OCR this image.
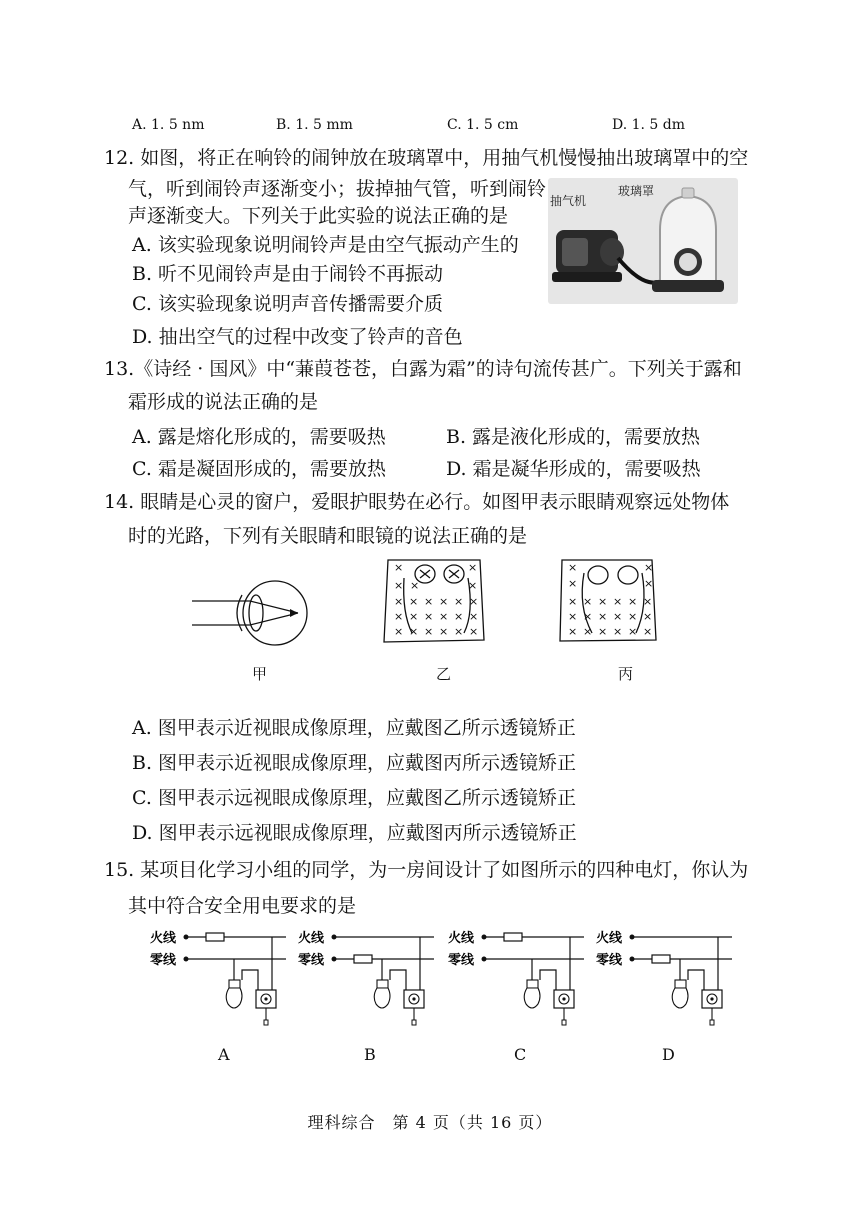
A. 1. 5 nm	B. 1. 5 mm	C. 1. 5 cm	D. 1. 5 dm
12. 如图，将正在响铃的闹钟放在玻璃罩中，用抽气机慢慢抽出玻璃罩中的空
气，听到闹铃声逐渐变小；拔掉抽气管，听到闹铃
声逐渐变大。下列关于此实验的说法正确的是
A. 该实验现象说明闹铃声是由空气振动产生的
B. 听不见闹铃声是由于闹铃不再振动
C. 该实验现象说明声音传播需要介质
D. 抽出空气的过程中改变了铃声的音色
抽气机
玻璃罩
13.《诗经 · 国风》中“蒹葭苍苍，白露为霜”的诗句流传甚广。下列关于露和
霜形成的说法正确的是
A. 露是熔化形成的，需要吸热	B. 露是液化形成的，需要放热
C. 霜是凝固形成的，需要放热	D. 霜是凝华形成的，需要吸热
14. 眼睛是心灵的窗户，爱眼护眼势在必行。如图甲表示眼睛观察远处物体
时的光路，下列有关眼睛和眼镜的说法正确的是
×	×
× ×	×
× × × × × ×
× × × × × ×
× × × × × ×
×	×
×	×
× × × × × ×
× × × × × ×
× × × × × ×
甲	乙	丙
A. 图甲表示近视眼成像原理，应戴图乙所示透镜矫正
B. 图甲表示近视眼成像原理，应戴图丙所示透镜矫正
C. 图甲表示远视眼成像原理，应戴图乙所示透镜矫正
D. 图甲表示远视眼成像原理，应戴图丙所示透镜矫正
15. 某项目化学习小组的同学，为一房间设计了如图所示的四种电灯，你认为
其中符合安全用电要求的是
火线
零线
火线
零线
火线
零线
火线
零线
A	B	C	D
理科综合　第 4 页（共 16 页）
